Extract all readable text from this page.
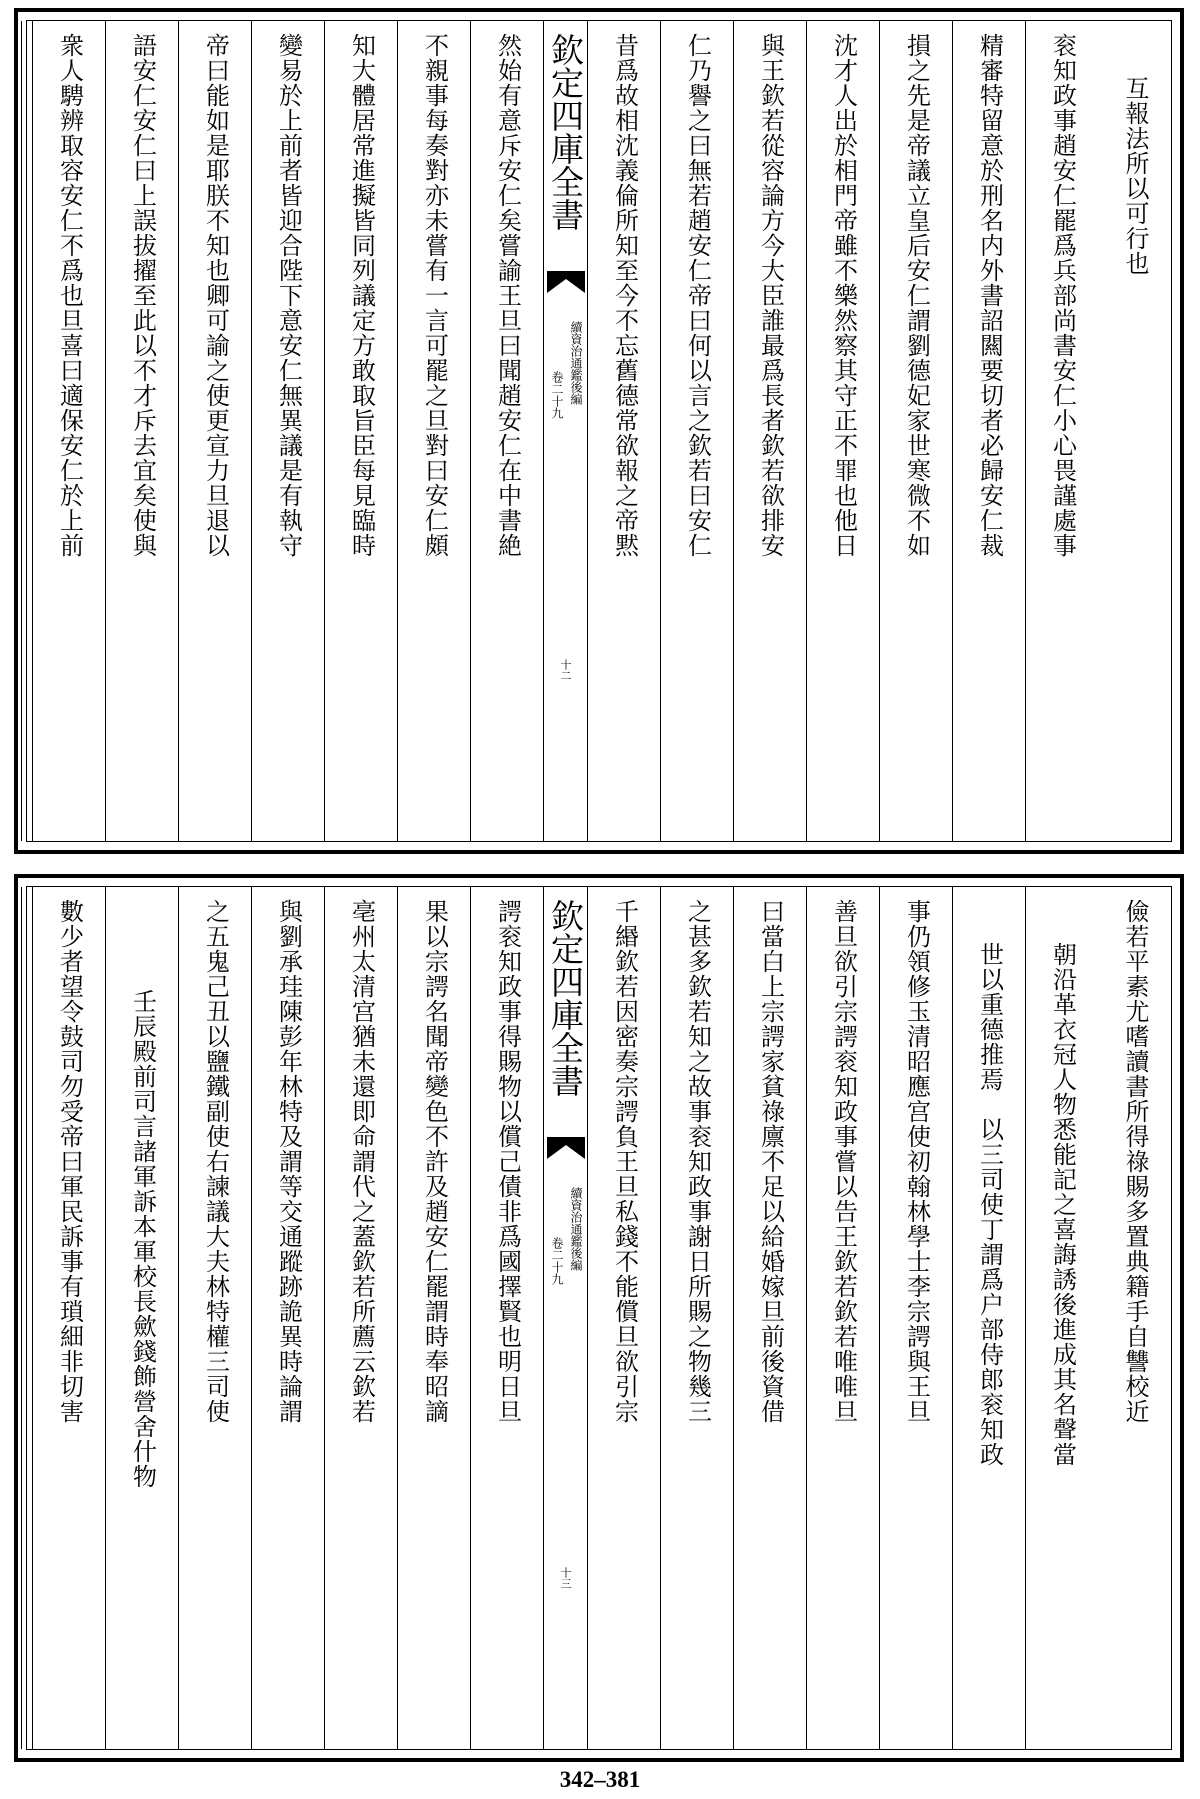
互報法所以可行也
衮知政事趙安仁罷爲兵部尚書安仁小心畏謹處事
精審特留意於刑名内外書詔闗要切者必歸安仁裁
損之先是帝議立皇后安仁謂劉德妃家世寒微不如
沈才人出於相門帝雖不樂然察其守正不罪也他日
與王欽若從容論方今大臣誰最爲長者欽若欲排安
仁乃譽之曰無若趙安仁帝曰何以言之欽若曰安仁
昔爲故相沈義倫所知至今不忘舊德常欲報之帝黙
欽定四庫全書
續資治通鑑後編
卷二十九
十二
然始有意斥安仁矣嘗諭王旦曰聞趙安仁在中書絶
不親事每奏對亦未嘗有一言可罷之旦對曰安仁頗
知大體居常進擬皆同列議定方敢取旨臣每見臨時
變易於上前者皆迎合陛下意安仁無異議是有執守
帝曰能如是耶朕不知也卿可諭之使更宣力旦退以
語安仁安仁曰上誤拔擢至此以不才斥去宜矣使與
衆人騁辨取容安仁不爲也旦喜曰適保安仁於上前
儉若平素尤嗜讀書所得祿賜多置典籍手自讐校近
朝沿革衣冠人物悉能記之喜誨誘後進成其名聲當
世以重德推焉　以三司使丁謂爲户部侍郎衮知政
事仍領修玉清昭應宫使初翰林學士李宗諤與王旦
善旦欲引宗諤衮知政事嘗以告王欽若欽若唯唯旦
曰當白上宗諤家貧祿廪不足以給婚嫁旦前後資借
之甚多欽若知之故事衮知政事謝日所賜之物幾三
千緡欽若因密奏宗諤負王旦私錢不能償旦欲引宗
欽定四庫全書
續資治通鑑後編
卷二十九
十三
諤衮知政事得賜物以償己債非爲國擇賢也明日旦
果以宗諤名聞帝變色不許及趙安仁罷謂時奉昭謫
亳州太清宫猶未還即命謂代之蓋欽若所薦云欽若
與劉承珪陳彭年林特及謂等交通蹤跡詭異時論謂
之五鬼己丑以鹽鐵副使右諫議大夫林特權三司使
壬辰殿前司言諸軍訴本軍校長歛錢飾營舍什物
數少者望令鼓司勿受帝曰軍民訴事有瑣細非切害
342–381
